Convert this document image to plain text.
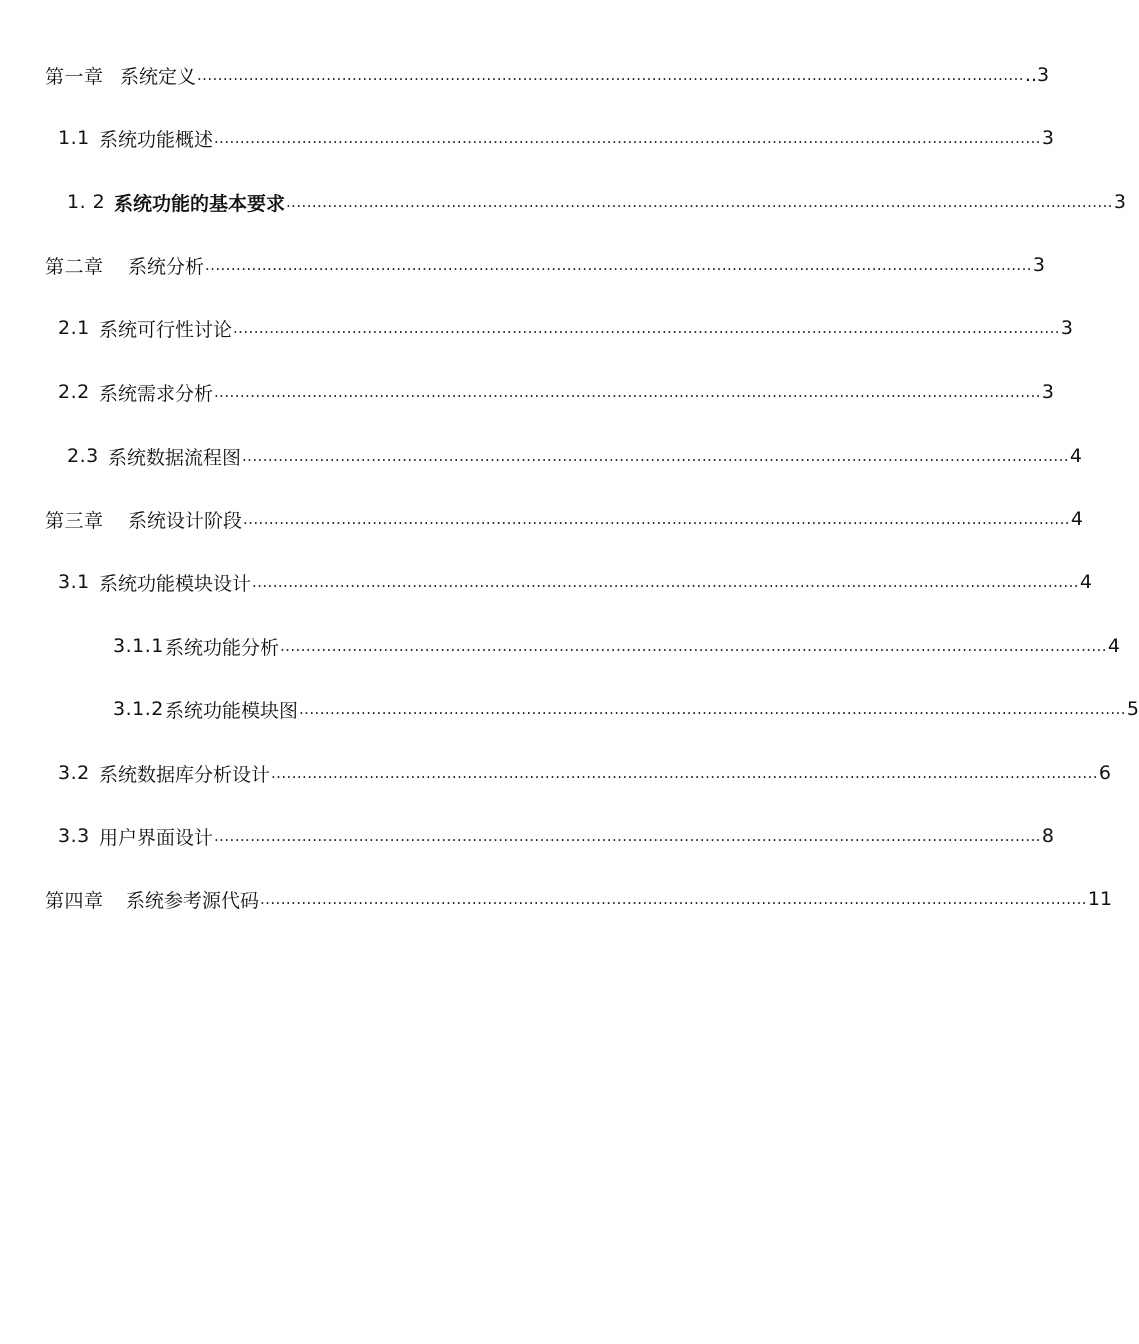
第一章 系统定义 ................................................................................................................................................................ ..3
1.1 系统功能概述 ................................................................................................................................................................ 3
1. 2 系统功能的基本要求 ................................................................................................................................................................ 3
第二章	系统分析 ................................................................................................................................................................ 3
2.1 系统可行性讨论 ................................................................................................................................................................ 3
2.2 系统需求分析 ................................................................................................................................................................ 3
2.3 系统数据流程图 ................................................................................................................................................................ 4
第三章	系统设计阶段 ................................................................................................................................................................ 4
3.1 系统功能模块设计 ................................................................................................................................................................ 4
3.1.1 系统功能分析 ................................................................................................................................................................ 4
3.1.2 系统功能模块图 ................................................................................................................................................................ 5
3.2 系统数据库分析设计 ................................................................................................................................................................ 6
3.3 用户界面设计 ................................................................................................................................................................ 8
第四章	系统参考源代码 ................................................................................................................................................................ 11
